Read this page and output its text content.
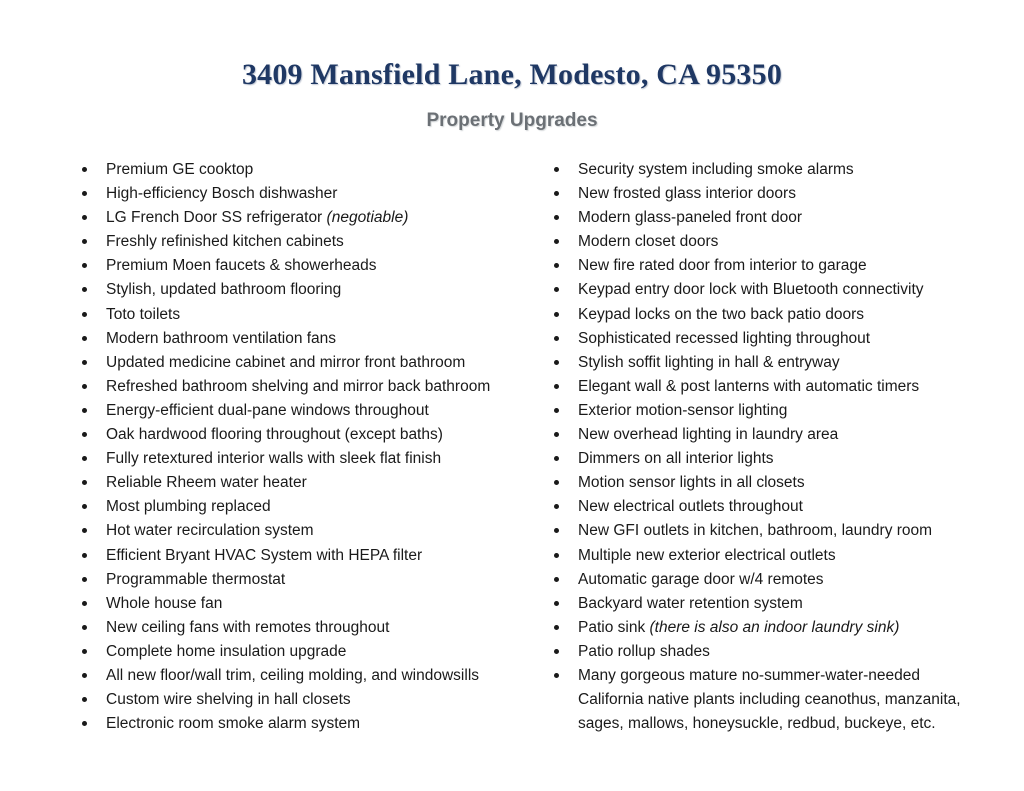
3409 Mansfield Lane, Modesto, CA 95350
Property Upgrades
Premium GE cooktop
High-efficiency Bosch dishwasher
LG French Door SS refrigerator (negotiable)
Freshly refinished kitchen cabinets
Premium Moen faucets & showerheads
Stylish, updated bathroom flooring
Toto toilets
Modern bathroom ventilation fans
Updated medicine cabinet and mirror front bathroom
Refreshed bathroom shelving and mirror back bathroom
Energy-efficient dual-pane windows throughout
Oak hardwood flooring throughout (except baths)
Fully retextured interior walls with sleek flat finish
Reliable Rheem water heater
Most plumbing replaced
Hot water recirculation system
Efficient Bryant HVAC System with HEPA filter
Programmable thermostat
Whole house fan
New ceiling fans with remotes throughout
Complete home insulation upgrade
All new floor/wall trim, ceiling molding, and windowsills
Custom wire shelving in hall closets
Electronic room smoke alarm system
Security system including smoke alarms
New frosted glass interior doors
Modern glass-paneled front door
Modern closet doors
New fire rated door from interior to garage
Keypad entry door lock with Bluetooth connectivity
Keypad locks on the two back patio doors
Sophisticated recessed lighting throughout
Stylish soffit lighting in hall & entryway
Elegant wall & post lanterns with automatic timers
Exterior motion-sensor lighting
New overhead lighting in laundry area
Dimmers on all interior lights
Motion sensor lights in all closets
New electrical outlets throughout
New GFI outlets in kitchen, bathroom, laundry room
Multiple new exterior electrical outlets
Automatic garage door w/4 remotes
Backyard water retention system
Patio sink (there is also an indoor laundry sink)
Patio rollup shades
Many gorgeous mature no-summer-water-needed California native plants including ceanothus, manzanita, sages, mallows, honeysuckle, redbud, buckeye, etc.
